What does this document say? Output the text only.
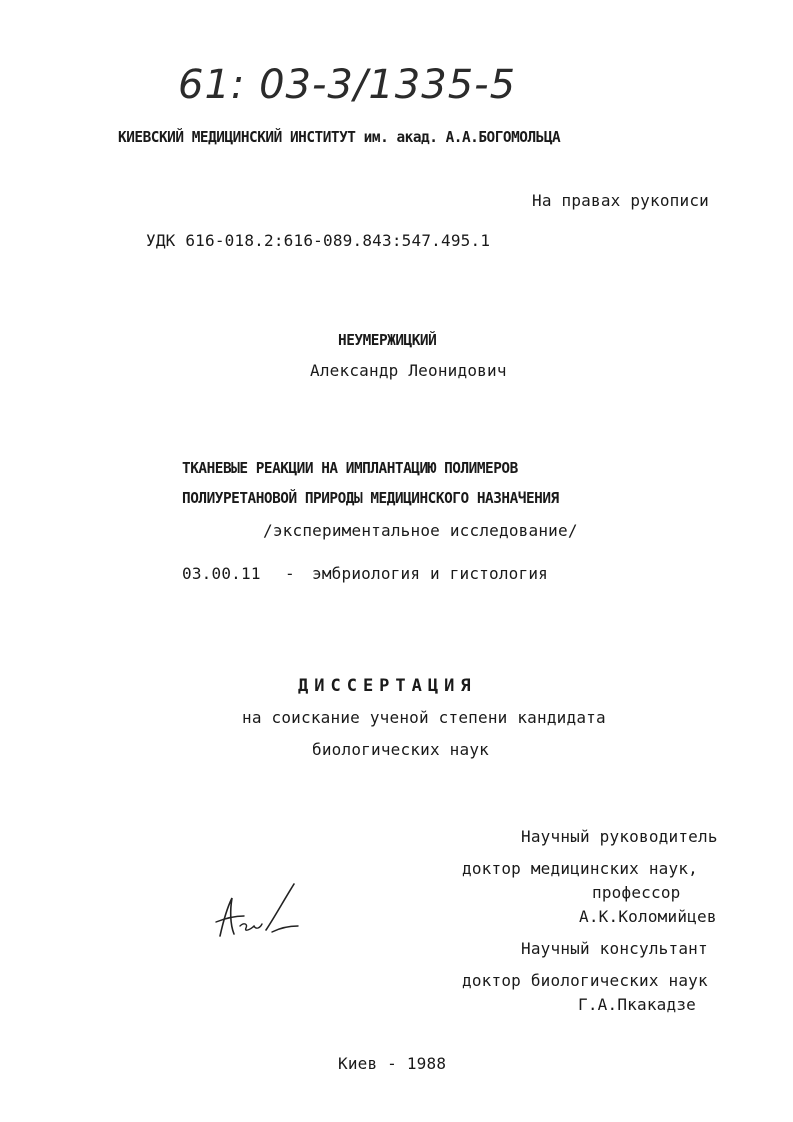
61: 03-3/1335-5
КИЕВСКИЙ МЕДИЦИНСКИЙ ИНСТИТУТ им. акад. А.А.БОГОМОЛЬЦА
На правах рукописи
УДК 616-018.2:616-089.843:547.495.1
НЕУМЕРЖИЦКИЙ
Александр Леонидович
ТКАНЕВЫЕ РЕАКЦИИ НА ИМПЛАНТАЦИЮ ПОЛИМЕРОВ
ПОЛИУРЕТАНОВОЙ ПРИРОДЫ МЕДИЦИНСКОГО НАЗНАЧЕНИЯ
/экспериментальное исследование/
03.00.11 - эмбриология и гистология
ДИССЕРТАЦИЯ
на соискание ученой степени кандидата
биологических наук
Научный руководитель
доктор медицинских наук,
профессор
А.К.Коломийцев
Научный консультант
доктор биологических наук
Г.А.Пкакадзе
Киев - 1988
